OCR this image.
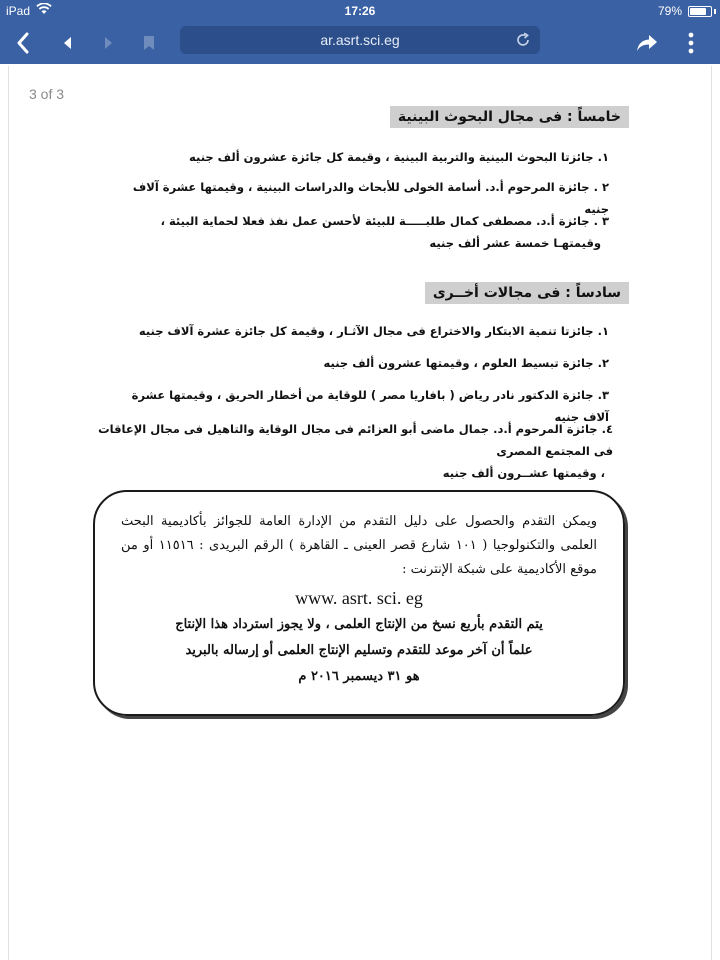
iPad	17:26	79%
ar.asrt.sci.eg
3 of 3
خامساً : فى مجال البحوث البينية
١.جائزتا البحوث البينية والتربية البينية ، وقيمة كل جائزة عشرون ألف جنيه
٢ .جائزة المرحوم أ.د. أسامة الخولى للأبحاث والدراسات البينية ، وقيمتها عشرة آلاف جنيه
٣ .جائزة أ.د. مصطفى كمال طلبـــــة للبيئة لأحسن عمل نفذ فعلا لحماية البيئة ،
وقيمتهـا خمسة عشر ألف جنيه
سادساً : فى مجالات أخــرى
١.جائزتا تنمية الابتكار والاختراع فى مجال الآثـار ، وقيمة كل جائزة عشرة آلاف جنيه
٢.جائزة تبسيط العلوم ، وقيمتها عشرون ألف جنيه
٣.جائزة الدكتور نادر رياض ( بافاريا مصر ) للوقاية من أخطار الحريق ، وقيمتها عشرة آلاف جنيه
٤.جائزة المرحوم أ.د. جمال ماضى أبو العزائم فى مجال الوقاية والتاهيل فى مجال الإعاقات فى المجتمع المصرى
، وقيمتها عشــرون ألف جنيه
ويمكن التقدم والحصول على دليل التقدم من الإدارة العامة للجوائز بأكاديمية البحث العلمى والتكنولوجيا ( ١٠١ شارع قصر العينى ـ القاهرة ) الرقم البريدى : ١١٥١٦ أو من موقع الأكاديمية على شبكة الإنترنت :
www. asrt. sci. eg
يتم التقدم بأربع نسخ من الإنتاج العلمى ، ولا يجوز استرداد هذا الإنتاج
علماً أن آخر موعد للتقدم وتسليم الإنتاج العلمى أو إرساله بالبريد
هو ٣١ ديسمبر ٢٠١٦ م
